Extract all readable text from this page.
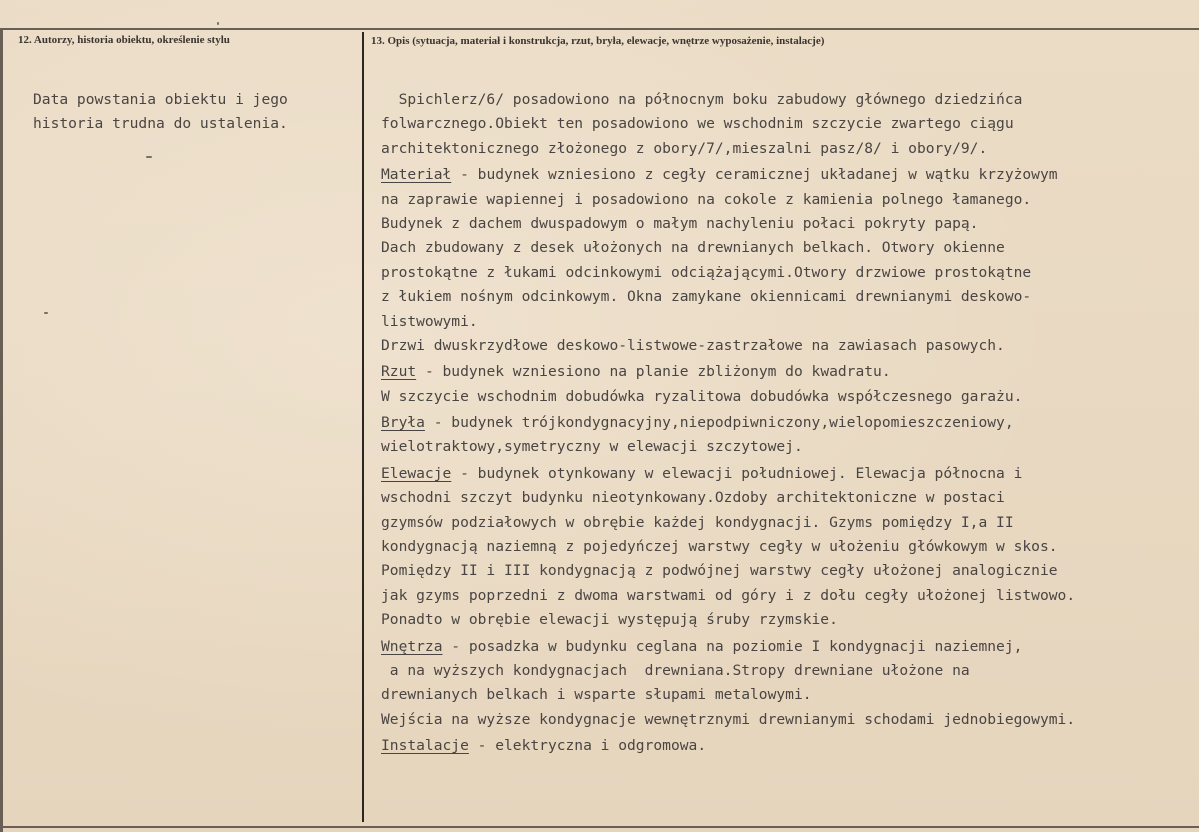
12. Autorzy, historia obiektu, określenie stylu	13. Opis (sytuacja, materiał i konstrukcja, rzut, bryła, elewacje, wnętrze wyposażenie, instalacje)
Data powstania obiektu i jego
historia trudna do ustalenia.
Spichlerz/6/ posadowiono na północnym boku zabudowy głównego dziedzińca
folwarcznego.Obiekt ten posadowiono we wschodnim szczycie zwartego ciągu
architektonicznego złożonego z obory/7/,mieszalni pasz/8/ i obory/9/.
Materiał - budynek wzniesiono z cegły ceramicznej układanej w wątku krzyżowym
na zaprawie wapiennej i posadowiono na cokole z kamienia polnego łamanego.
Budynek z dachem dwuspadowym o małym nachyleniu połaci pokryty papą.
Dach zbudowany z desek ułożonych na drewnianych belkach. Otwory okienne
prostokątne z łukami odcinkowymi odciążającymi.Otwory drzwiowe prostokątne
z łukiem nośnym odcinkowym. Okna zamykane okiennicami drewnianymi deskowo-
listwowymi.
Drzwi dwuskrzydłowe deskowo-listwowe-zastrzałowe na zawiasach pasowych.
Rzut - budynek wzniesiono na planie zbliżonym do kwadratu.
W szczycie wschodnim dobudówka ryzalitowa dobudówka współczesnego garażu.
Bryła - budynek trójkondygnacyjny,niepodpiwniczony,wielopomieszczeniowy,
wielotraktowy,symetryczny w elewacji szczytowej.
Elewacje - budynek otynkowany w elewacji południowej. Elewacja północna i
wschodni szczyt budynku nieotynkowany.Ozdoby architektoniczne w postaci
gzymsów podziałowych w obrębie każdej kondygnacji. Gzyms pomiędzy I,a II
kondygnacją naziemną z pojedyńczej warstwy cegły w ułożeniu główkowym w skos.
Pomiędzy II i III kondygnacją z podwójnej warstwy cegły ułożonej analogicznie
jak gzyms poprzedni z dwoma warstwami od góry i z dołu cegły ułożonej listwowo.
Ponadto w obrębie elewacji występują śruby rzymskie.
Wnętrza - posadzka w budynku ceglana na poziomie I kondygnacji naziemnej,
a na wyższych kondygnacjach  drewniana.Stropy drewniane ułożone na
drewnianych belkach i wsparte słupami metalowymi.
Wejścia na wyższe kondygnacje wewnętrznymi drewnianymi schodami jednobiegowymi.
Instalacje - elektryczna i odgromowa.
